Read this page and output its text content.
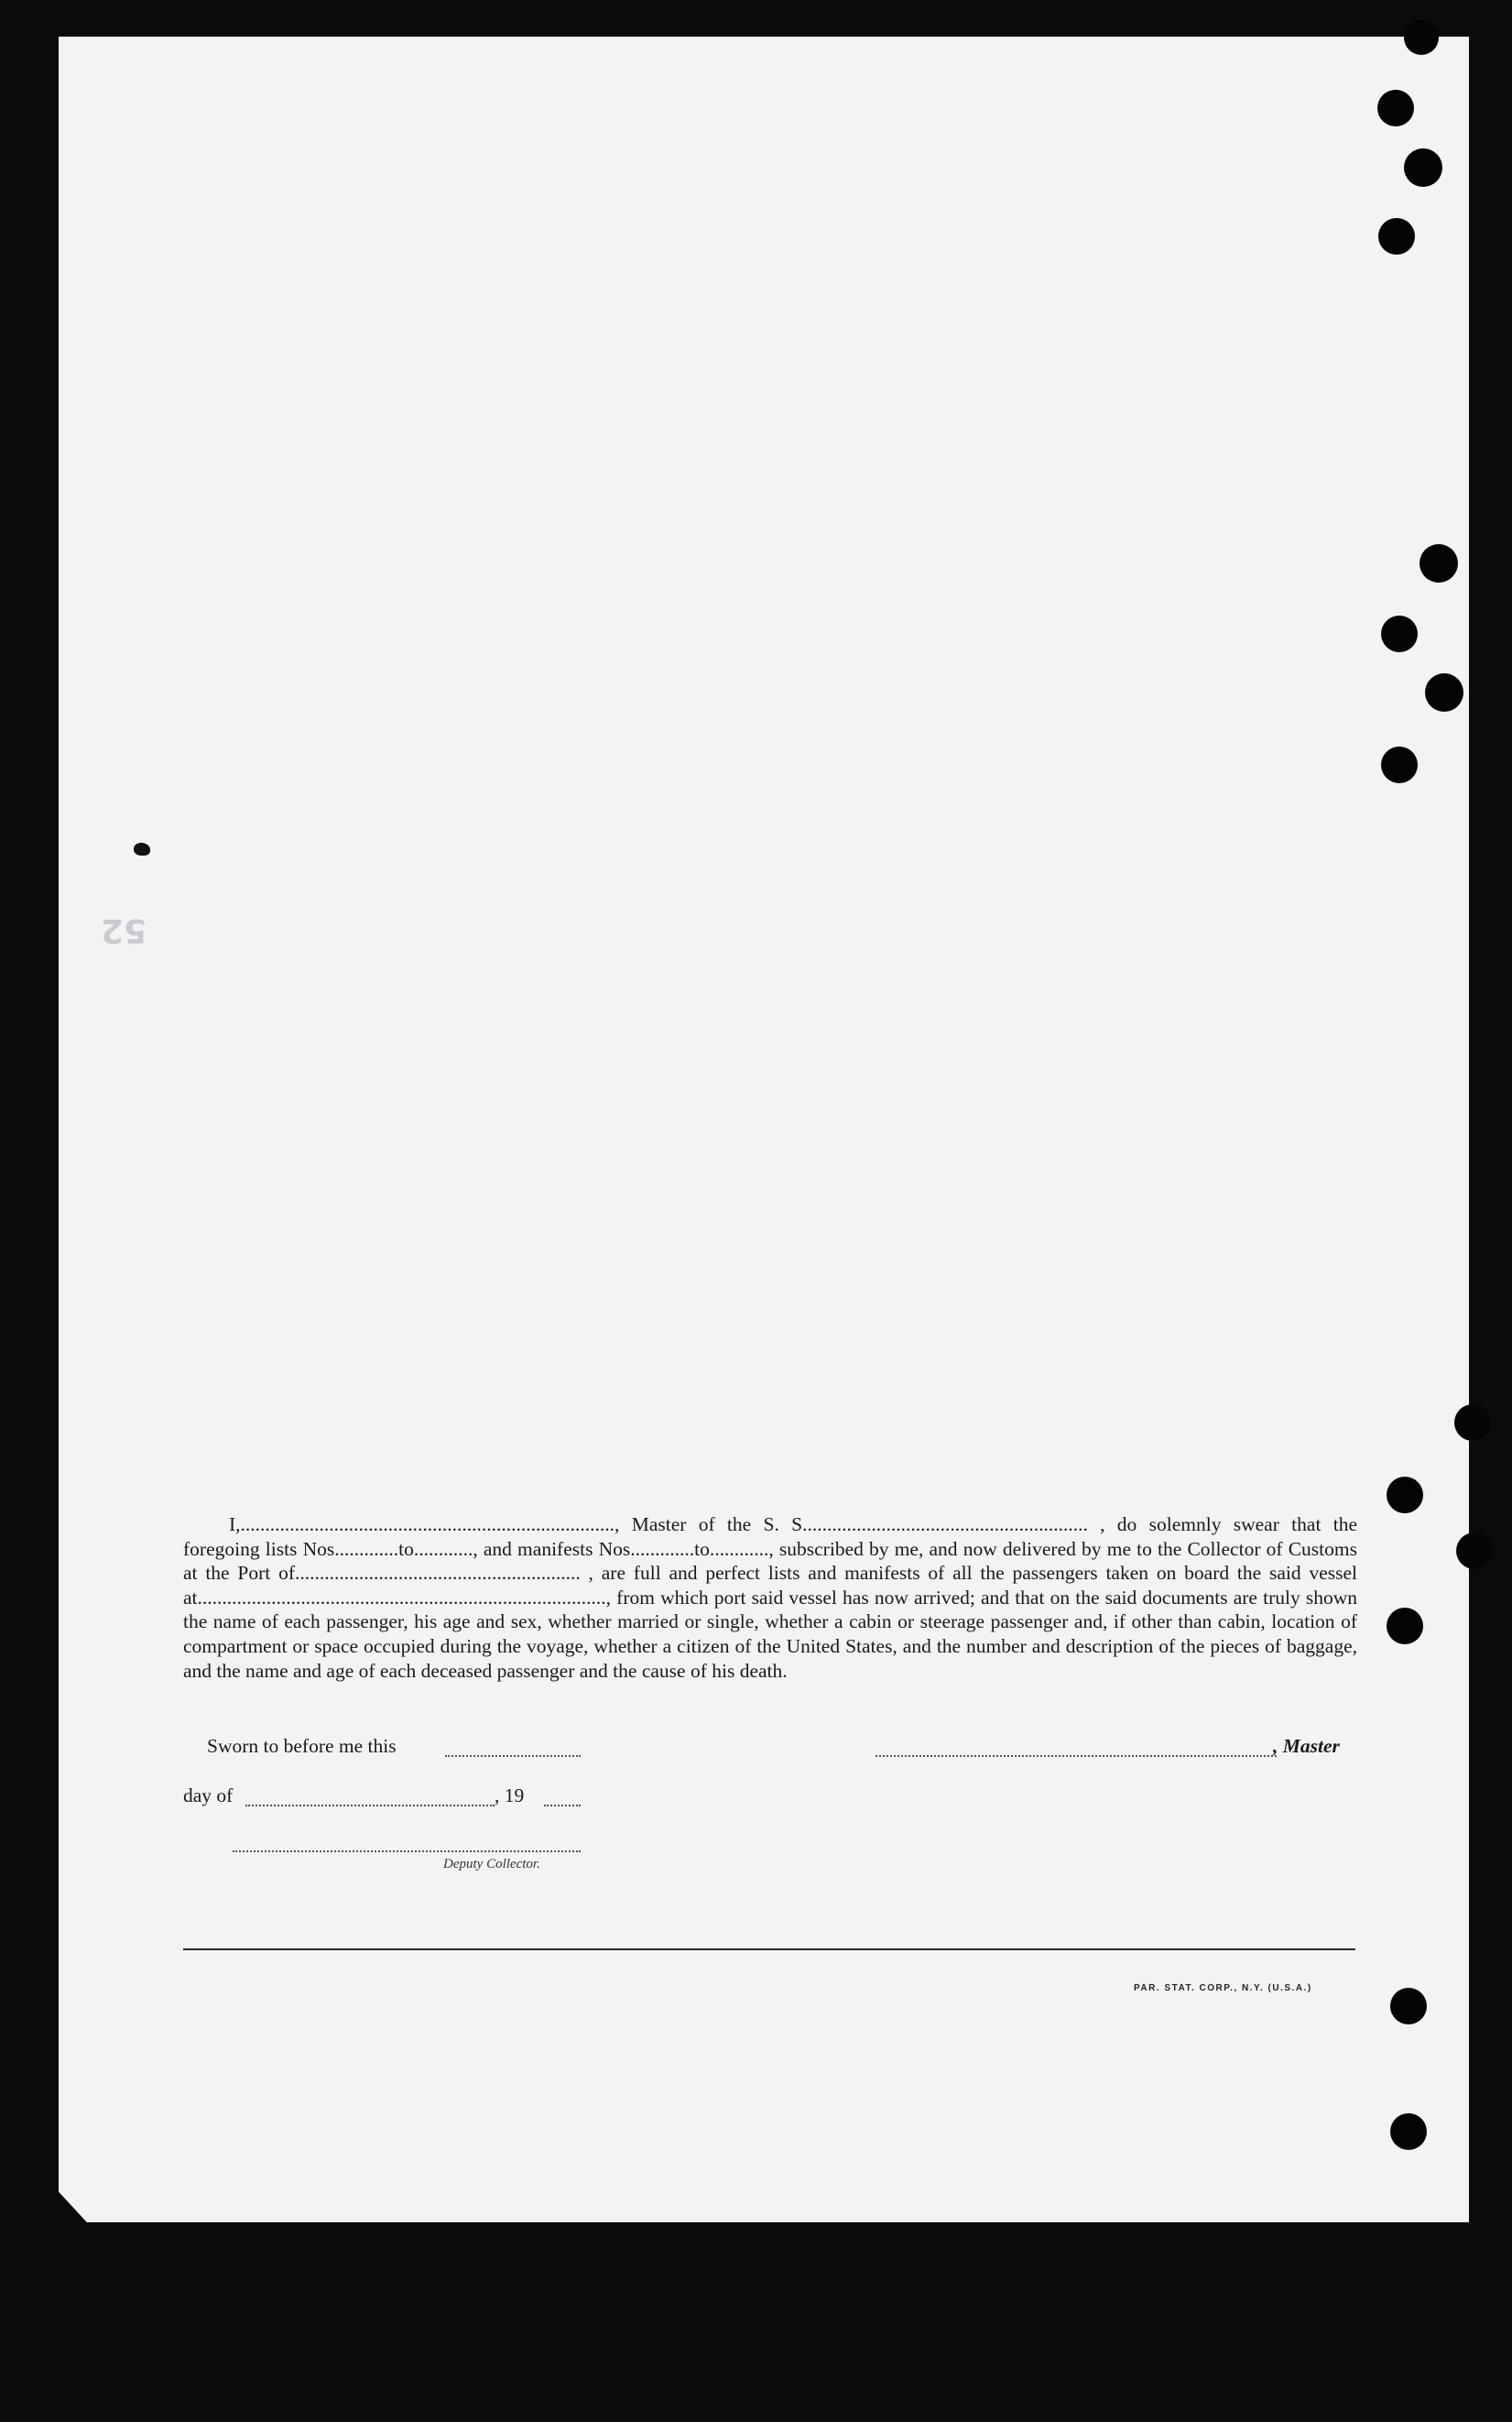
52

I,............................................................................, Master of the S. S.......................................................... , do solemnly swear that the foregoing lists Nos.............to............, and manifests Nos.............to............, subscribed by me, and now delivered by me to the Collector of Customs at the Port of.......................................................... , are full and perfect lists and manifests of all the passengers taken on board the said vessel at..................................................................................., from which port said vessel has now arrived; and that on the said documents are truly shown the name of each passenger, his age and sex, whether married or single, whether a cabin or steerage passenger and, if other than cabin, location of compartment or space occupied during the voyage, whether a citizen of the United States, and the number and description of the pieces of baggage, and the name and age of each deceased passenger and the cause of his death.

Sworn to before me this	, Master
day of	, 19
Deputy Collector.
PAR. STAT. CORP., N.Y. (U.S.A.)
